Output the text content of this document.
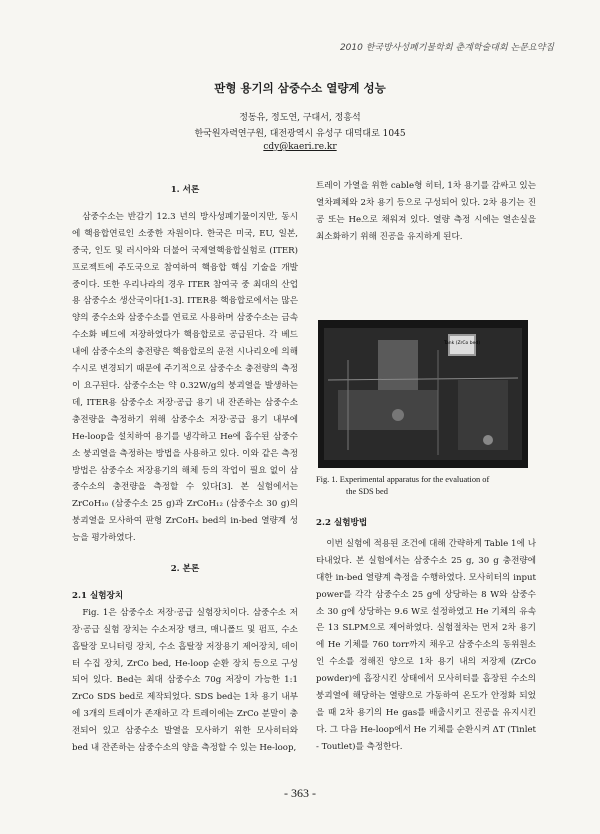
2010 한국방사성폐기물학회 춘계학술대회 논문요약집
판형 용기의 삼중수소 열량계 성능
정동유, 정도연, 구대서, 정흥석
한국원자력연구원, 대전광역시 유성구 대덕대로 1045
cdy@kaeri.re.kr
1. 서론

삼중수소는 반감기 12.3 년의 방사성폐기물이지만, 동시에 핵융합연료인 소중한 자원이다. 한국은 미국, EU, 일본, 중국, 인도 및 러시아와 더불어 국제열핵융합실험로 (ITER) 프로젝트에 주도국으로 참여하여 핵융합 핵심 기술을 개발 중이다. 또한 우리나라의 경우 ITER 참여국 중 최대의 산업용 삼중수소 생산국이다[1-3]. ITER용 핵융합로에서는 많은 양의 중수소와 삼중수소를 연료로 사용하며 삼중수소는 금속 수소화 베드에 저장하였다가 핵융합로로 공급된다. 각 베드 내에 삼중수소의 충전량은 핵융합로의 운전 시나리오에 의해 수시로 변경되기 때문에 주기적으로 삼중수소 충전량의 측정이 요구된다. 삼중수소는 약 0.32W/g의 붕괴열을 발생하는데, ITER용 삼중수소 저장·공급 용기 내 잔존하는 삼중수소 충전량을 측정하기 위해 삼중수소 저장·공급 용기 내부에 He-loop을 설치하여 용기를 냉각하고 He에 흡수된 삼중수소 붕괴열을 측정하는 방법을 사용하고 있다. 이와 같은 측정방법은 삼중수소 저장용기의 해체 등의 작업이 필요 없이 삼중수소의 충전량을 측정할 수 있다[3]. 본 실험에서는 ZrCoH₁₀ (삼중수소 25 g)과 ZrCoH₁₂ (삼중수소 30 g)의 붕괴열을 모사하여 판형 ZrCoHₓ bed의 in-bed 열량계 성능을 평가하였다.

2. 본론
2.1 실험장치

Fig. 1은 삼중수소 저장·공급 실험장치이다. 삼중수소 저장·공급 실험 장치는 수소저장 탱크, 매니폴드 및 펌프, 수소 흡탈장 모니터링 장치, 수소 흡탈장 저장용기 제어장치, 데이터 수집 장치, ZrCo bed, He-loop 순환 장치 등으로 구성되어 있다. Bed는 최대 삼중수소 70g 저장이 가능한 1:1 ZrCo SDS bed로 제작되었다. SDS bed는 1차 용기 내부에 3개의 트레이가 존재하고 각 트레이에는 ZrCo 분말이 충전되어 있고 삼중수소 발열을 모사하기 위한 모사히터와 bed 내 잔존하는 삼중수소의 양을 측정할 수 있는 He-loop,

트레이 가열을 위한 cable형 히터, 1차 용기를 감싸고 있는 열차폐체와 2차 용기 등으로 구성되어 있다. 2차 용기는 진공 또는 He으로 채워져 있다. 열량 측정 시에는 열손실을 최소화하기 위해 진공을 유지하게 된다.

Tank (ZrCo bed)
Fig. 1. Experimental apparatus for the evaluation of
the SDS bed
2.2 실험방법

이번 실험에 적용된 조건에 대해 간략하게 Table 1에 나타내었다. 본 실험에서는 삼중수소 25 g, 30 g 충전량에 대한 in-bed 열량계 측정을 수행하였다. 모사히터의 input power를 각각 삼중수소 25 g에 상당하는 8 W와 삼중수소 30 g에 상당하는 9.6 W로 설정하였고 He 기체의 유속은 13 SLPM으로 제어하였다. 실험절차는 먼저 2차 용기에 He 기체를 760 torr까지 채우고 삼중수소의 동위원소인 수소를 정해진 양으로 1차 용기 내의 저장제 (ZrCo powder)에 흡장시킨 상태에서 모사히터를 흡장된 수소의 붕괴열에 해당하는 열량으로 가동하여 온도가 안정화 되었을 때 2차 용기의 He gas를 배출시키고 진공을 유지시킨다. 그 다음 He-loop에서 He 기체를 순환시켜 ΔT (Tinlet - Toutlet)를 측정한다.

- 363 -
